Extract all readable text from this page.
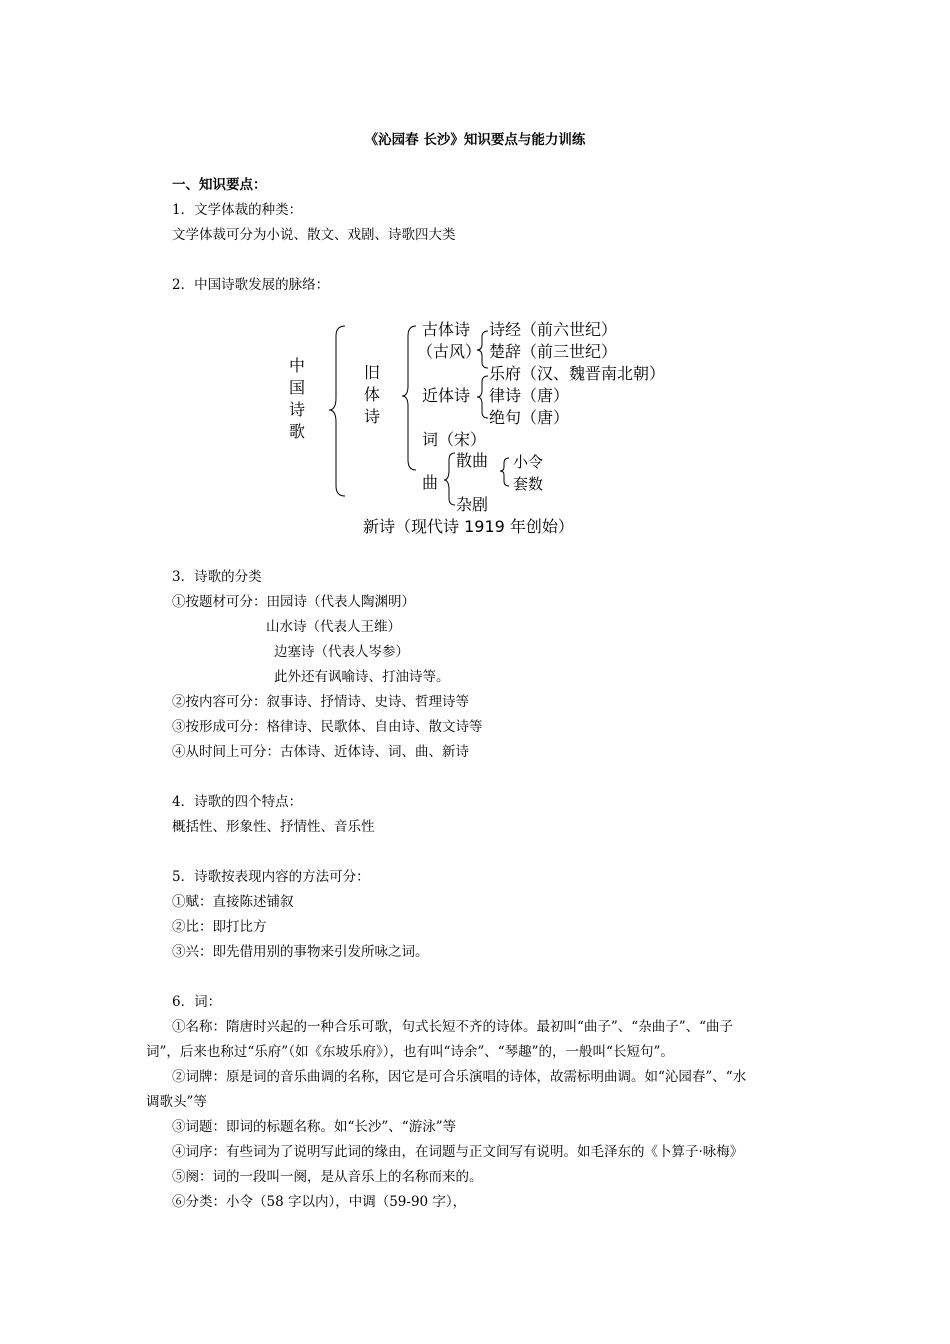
《沁园春 长沙》知识要点与能力训练
一、知识要点：
1．文学体裁的种类：
文学体裁可分为小说、散文、戏剧、诗歌四大类
2．中国诗歌发展的脉络：
中
国
诗
歌
旧
体
诗
古体诗
（古风）
诗经（前六世纪）
楚辞（前三世纪）
乐府（汉、魏晋南北朝）
近体诗 律诗（唐）
绝句（唐）
词（宋）
曲
散曲 小令
套数
杂剧
新诗（现代诗 1919 年创始）
3．诗歌的分类
①按题材可分：田园诗（代表人陶渊明）
山水诗（代表人王维）
边塞诗（代表人岑参）
此外还有讽喻诗、打油诗等。
②按内容可分：叙事诗、抒情诗、史诗、哲理诗等
③按形成可分：格律诗、民歌体、自由诗、散文诗等
④从时间上可分：古体诗、近体诗、词、曲、新诗
4．诗歌的四个特点：
概括性、形象性、抒情性、音乐性
5．诗歌按表现内容的方法可分：
①赋：直接陈述铺叙
②比：即打比方
③兴：即先借用别的事物来引发所咏之词。
6．词：
①名称：隋唐时兴起的一种合乐可歌，句式长短不齐的诗体。最初叫“曲子”、“杂曲子”、“曲子
词”，后来也称过“乐府”（如《东坡乐府》），也有叫“诗余”、“琴趣”的，一般叫“长短句”。
②词牌：原是词的音乐曲调的名称，因它是可合乐演唱的诗体，故需标明曲调。如“沁园春”、“水
调歌头”等
③词题：即词的标题名称。如“长沙”、“游泳”等
④词序：有些词为了说明写此词的缘由，在词题与正文间写有说明。如毛泽东的《卜算子·咏梅》
⑤阕：词的一段叫一阕，是从音乐上的名称而来的。
⑥分类：小令（58 字以内），中调（59-90 字），
